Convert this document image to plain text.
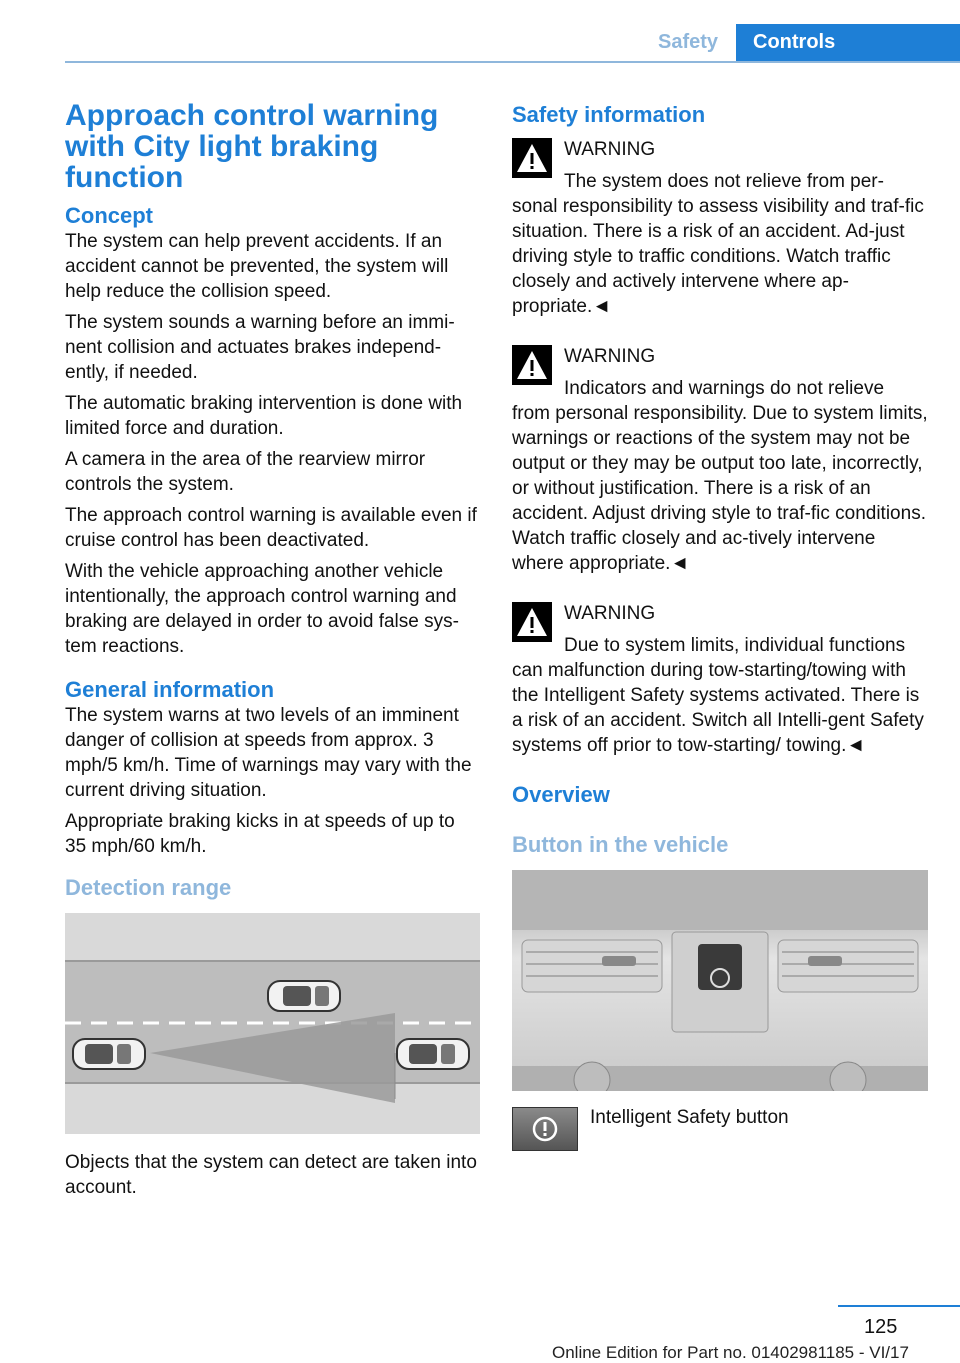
Safety	Controls
Approach control warning with City light braking function
Concept

The system can help prevent accidents. If an accident cannot be prevented, the system will help reduce the collision speed.

The system sounds a warning before an immi‐nent collision and actuates brakes independ‐ently, if needed.

The automatic braking intervention is done with limited force and duration.

A camera in the area of the rearview mirror controls the system.

The approach control warning is available even if cruise control has been deactivated.

With the vehicle approaching another vehicle intentionally, the approach control warning and braking are delayed in order to avoid false sys‐tem reactions.

General information

The system warns at two levels of an imminent danger of collision at speeds from approx. 3 mph/5 km/h. Time of warnings may vary with the current driving situation.

Appropriate braking kicks in at speeds of up to 35 mph/60 km/h.

Detection range

Objects that the system can detect are taken into account.

Safety information
WARNING
The system does not relieve from per‐
sonal responsibility to assess visibility and traf‐fic situation. There is a risk of an accident. Ad‐just driving style to traffic conditions. Watch traffic closely and actively intervene where ap‐propriate.◄
WARNING
Indicators and warnings do not relieve
from personal responsibility. Due to system limits, warnings or reactions of the system may not be output or they may be output too late, incorrectly, or without justification. There is a risk of an accident. Adjust driving style to traf‐fic conditions. Watch traffic closely and ac‐tively intervene where appropriate.◄
WARNING
Due to system limits, individual functions
can malfunction during tow-starting/towing with the Intelligent Safety systems activated. There is a risk of an accident. Switch all Intelli‐gent Safety systems off prior to tow-starting/ towing.◄
Overview
Button in the vehicle
Intelligent Safety button
125
Online Edition for Part no. 01402981185 - VI/17
